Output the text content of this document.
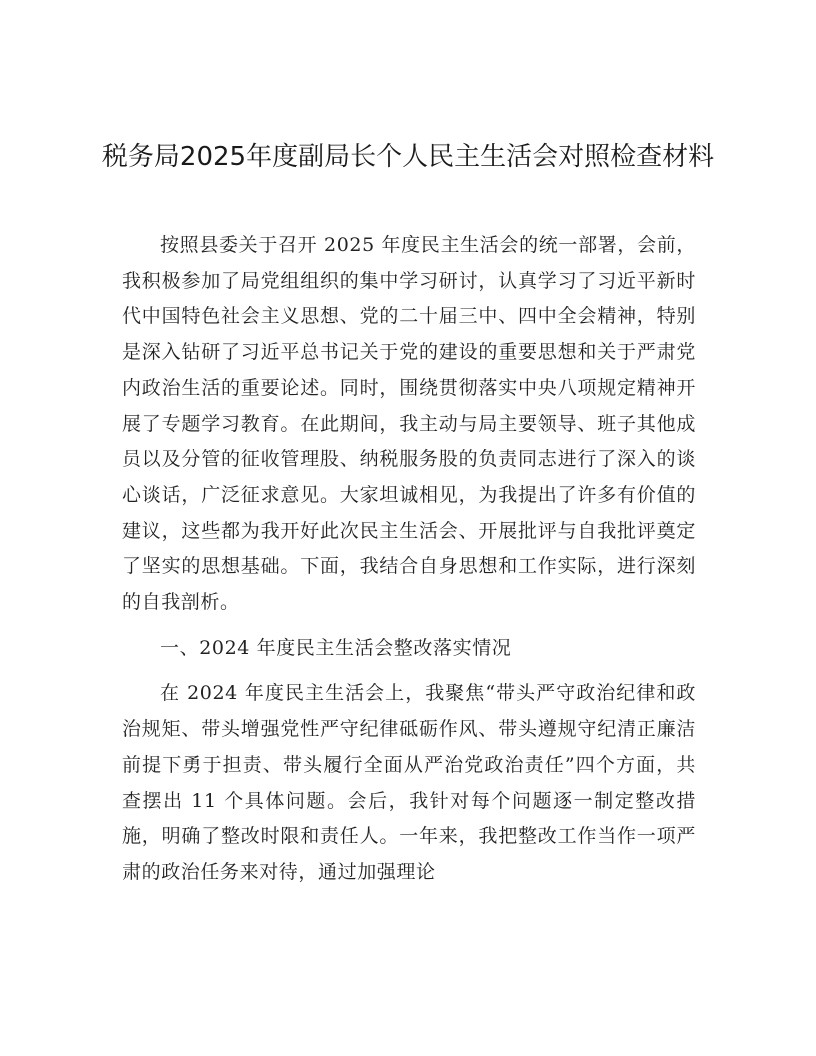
税务局2025年度副局长个人民主生活会对照检查材料

按照县委关于召开 2025 年度民主生活会的统一部署，会前，我积极参加了局党组组织的集中学习研讨，认真学习了习近平新时代中国特色社会主义思想、党的二十届三中、四中全会精神，特别是深入钻研了习近平总书记关于党的建设的重要思想和关于严肃党内政治生活的重要论述。同时，围绕贯彻落实中央八项规定精神开展了专题学习教育。在此期间，我主动与局主要领导、班子其他成员以及分管的征收管理股、纳税服务股的负责同志进行了深入的谈心谈话，广泛征求意见。大家坦诚相见，为我提出了许多有价值的建议，这些都为我开好此次民主生活会、开展批评与自我批评奠定了坚实的思想基础。下面，我结合自身思想和工作实际，进行深刻的自我剖析。

一、2024 年度民主生活会整改落实情况

在 2024 年度民主生活会上，我聚焦“带头严守政治纪律和政治规矩、带头增强党性严守纪律砥砺作风、带头遵规守纪清正廉洁前提下勇于担责、带头履行全面从严治党政治责任”四个方面，共查摆出 11 个具体问题。会后，我针对每个问题逐一制定整改措施，明确了整改时限和责任人。一年来，我把整改工作当作一项严肃的政治任务来对待，通过加强理论
